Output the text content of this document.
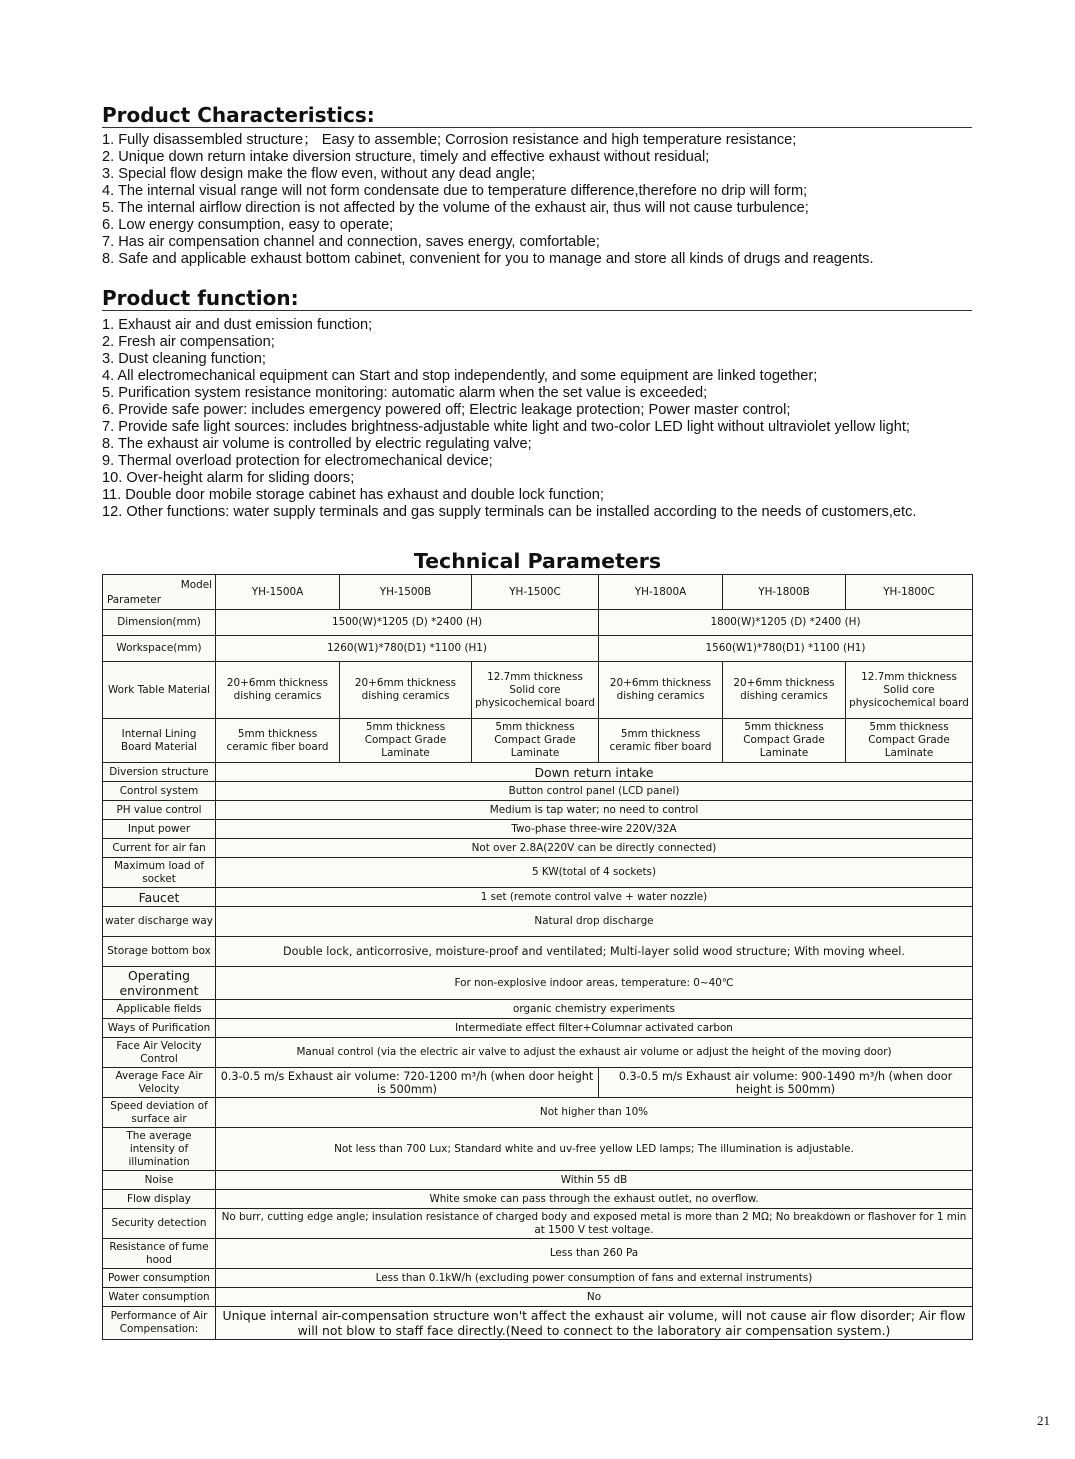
Product Characteristics:
1. Fully disassembled structure； Easy to assemble; Corrosion resistance and high temperature resistance;
2. Unique down return intake diversion structure, timely and effective exhaust without residual;
3. Special flow design make the flow even, without any dead angle;
4. The internal visual range will not form condensate due to temperature difference,therefore no drip will form;
5. The internal airflow direction is not affected by the volume of the exhaust air, thus will not cause turbulence;
6. Low energy consumption, easy to operate;
7. Has air compensation channel and connection, saves energy, comfortable;
8. Safe and applicable exhaust bottom cabinet, convenient for you to manage and store all kinds of drugs and reagents.
Product function:
1. Exhaust air and dust emission function;
2. Fresh air compensation;
3. Dust cleaning function;
4. All electromechanical equipment can Start and stop independently, and some equipment are linked together;
5. Purification system resistance monitoring: automatic alarm when the set value is exceeded;
6. Provide safe power: includes emergency powered off; Electric leakage protection; Power master control;
7. Provide safe light sources: includes brightness-adjustable white light and two-color LED light without ultraviolet yellow light;
8. The exhaust air volume is controlled by electric regulating valve;
9. Thermal overload protection for electromechanical device;
10. Over-height alarm for sliding doors;
11. Double door mobile storage cabinet has exhaust and double lock function;
12. Other functions: water supply terminals and gas supply terminals can be installed according to the needs of customers,etc.
Technical Parameters
Model
Parameter	YH-1500A	YH-1500B	YH-1500C	YH-1800A	YH-1800B	YH-1800C
Dimension(mm)	1500(W)*1205 (D) *2400 (H)			1800(W)*1205 (D) *2400 (H)		
Workspace(mm)	1260(W1)*780(D1) *1100 (H1)			1560(W1)*780(D1) *1100 (H1)		
Work Table Material	20+6mm thickness dishing ceramics	20+6mm thickness dishing ceramics	12.7mm thickness Solid core physicochemical board	20+6mm thickness dishing ceramics	20+6mm thickness dishing ceramics	12.7mm thickness Solid core physicochemical board
Internal Lining Board Material	5mm thickness ceramic fiber board	5mm thickness Compact Grade Laminate	5mm thickness Compact Grade Laminate	5mm thickness ceramic fiber board	5mm thickness Compact Grade Laminate	5mm thickness Compact Grade Laminate
Diversion structure	Down return intake					
Control system	Button control panel (LCD panel)					
PH value control	Medium is tap water; no need to control					
Input power	Two-phase three-wire 220V/32A					
Current for air fan	Not over 2.8A(220V can be directly connected)					
Maximum load of socket	5 KW(total of 4 sockets)					
Faucet	1 set (remote control valve + water nozzle)					
water discharge way	Natural drop discharge					
Storage bottom box	Double lock, anticorrosive, moisture-proof and ventilated; Multi-layer solid wood structure; With moving wheel.					
Operating environment	For non-explosive indoor areas, temperature: 0~40℃					
Applicable fields	organic chemistry experiments					
Ways of Purification	Intermediate effect filter+Columnar activated carbon					
Face Air Velocity Control	Manual control (via the electric air valve to adjust the exhaust air volume or adjust the height of the moving door)					
Average Face Air Velocity	0.3-0.5 m/s Exhaust air volume: 720-1200 m³/h (when door height is 500mm)			0.3-0.5 m/s Exhaust air volume: 900-1490 m³/h (when door height is 500mm)		
Speed deviation of surface air	Not higher than 10%					
The average intensity of illumination	Not less than 700 Lux; Standard white and uv-free yellow LED lamps; The illumination is adjustable.					
Noise	Within 55 dB					
Flow display	White smoke can pass through the exhaust outlet, no overflow.					
Security detection	No burr, cutting edge angle; insulation resistance of charged body and exposed metal is more than 2 MΩ; No breakdown or flashover for 1 min at 1500 V test voltage.					
Resistance of fume hood	Less than 260 Pa					
Power consumption	Less than 0.1kW/h (excluding power consumption of fans and external instruments)					
Water consumption	No					
Performance of Air Compensation:	Unique internal air-compensation structure won't affect the exhaust air volume, will not cause air flow disorder; Air flow will not blow to staff face directly.(Need to connect to the laboratory air compensation system.)					
21
